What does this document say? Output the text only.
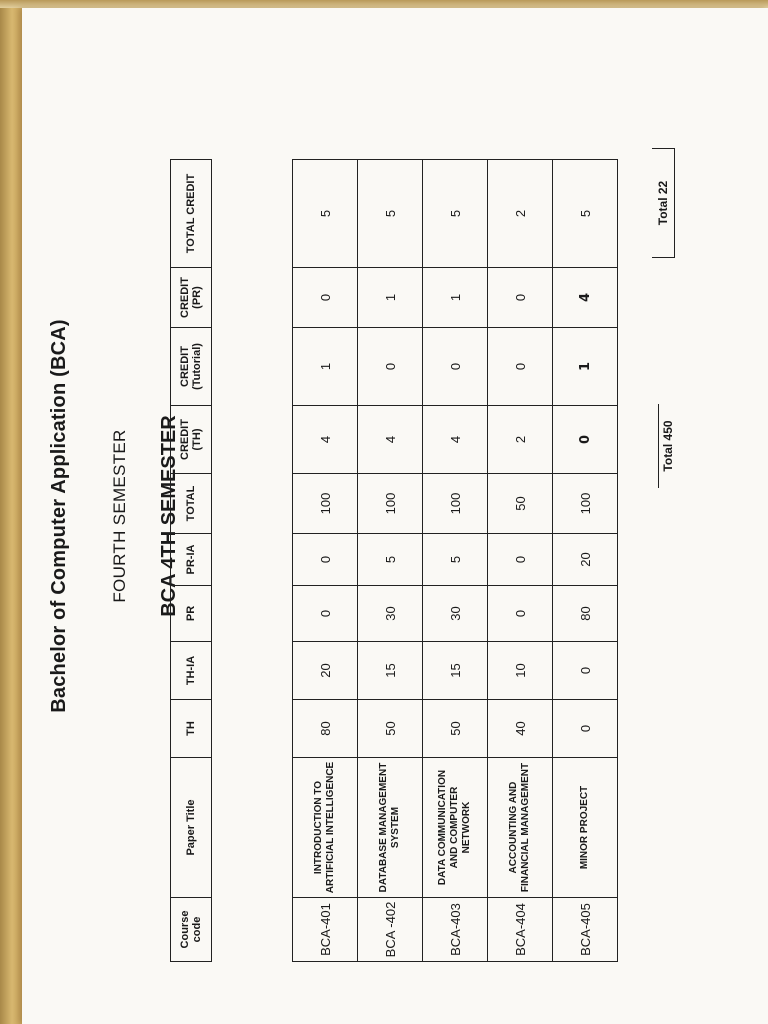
Bachelor of Computer Application (BCA) FOURTH SEMESTER BCA 4TH SEMESTER
Course code	Paper Title	TH	TH-IA	PR	PR-IA	TOTAL	CREDIT (TH)	CREDIT (Tutorial)	CREDIT (PR)	TOTAL CREDIT
BCA-401	INTRODUCTION TO ARTIFICIAL INTELLIGENCE	80	20	0	0	100	4	1	0	5
BCA -402	DATABASE MANAGEMENT SYSTEM	50	15	30	5	100	4	0	1	5
BCA-403	DATA COMMUNICATION AND COMPUTER NETWORK	50	15	30	5	100	4	0	1	5
BCA-404	ACCOUNTING AND FINANCIAL MANAGEMENT	40	10	0	0	50	2	0	0	2
BCA-405	MINOR PROJECT	0	0	80	20	100	0	1	4	5
Total 450
Total 22
